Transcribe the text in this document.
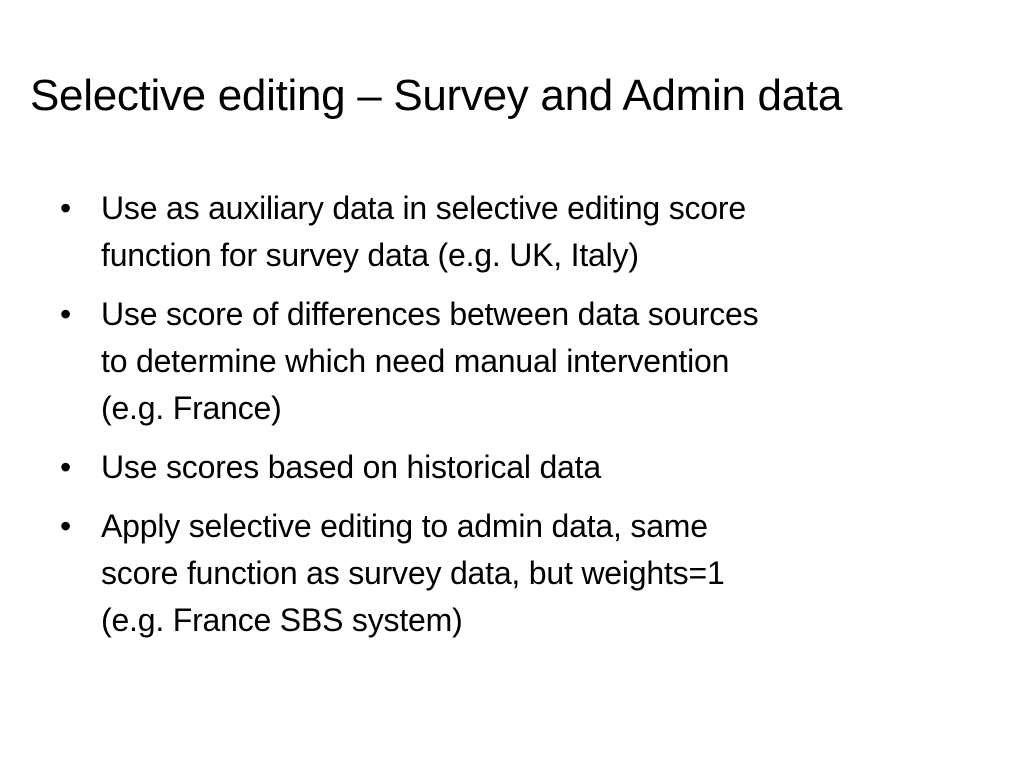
Selective editing – Survey and Admin data
• Use as auxiliary data in selective editing score
function for survey data (e.g. UK, Italy)
• Use score of differences between data sources
to determine which need manual intervention
(e.g. France)
• Use scores based on historical data
• Apply selective editing to admin data, same
score function as survey data, but weights=1
(e.g. France SBS system)
